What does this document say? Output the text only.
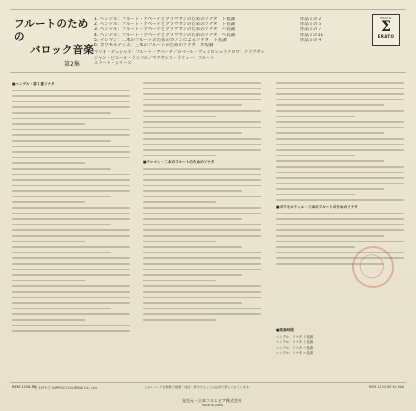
フルートのための
バロック音楽
第2集
1. ヘンデル：フルート・アベーテとクラヴサンのためのソナタ　ト短調	作品１の２
2. ヘンデル：フルート・アベーテとクラヴサンのためのソナタ　ト長調	作品１の５
3. ヘンデル：フルート・アベーテとクラヴサンのためのソナタ　ハ長調	作品１の７
4. ヘンデル：フルート・アベーテとクラヴサンのためのソナタ　ヘ長調	作品１の11
5. テレマン：二本のフルートのためのカノンによるソナタ　ト長調	作品５の４
6. ボワモルティエ：三本のフルートのためのソナタ　ホ短調
マリオ・デュシャネ：フルート・アベーテ／ロベール・ヴェイロン＝ラクロワ：クラヴサン
ジャン・ピエール・ランパル／マクサンス・ラリュー：フルート
エラート・シリーズ
ERATO
Σ
ERATO
■ヘンデル・第１番ソナタ
■テレマン・二本のフルートのためのソナタ
■ボワモルティエ・三本のフルートのためのソナタ
■演奏時間
ヘンデル：ソナタ ト短調
ヘンデル：ソナタ ト長調
ヘンデル：ソナタ ハ長調
ヘンデル：ソナタ ヘ長調
REM-1234-RE
Ⓟ 1975 Ⓒ NIPPON COLUMBIA Co., Ltd.	このレコードを無断で複製・放送・貸与することは法律で禁じられています。
発売元・日本コロムビア株式会社
MADE IN JAPAN
REM-1234-RE ¥2,000
